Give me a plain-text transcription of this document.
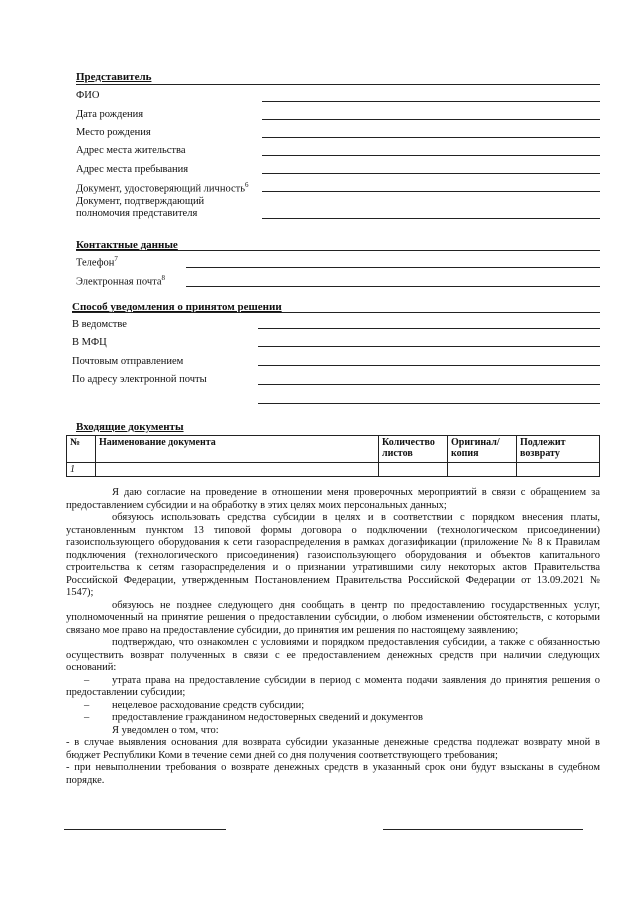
Представитель
ФИО
Дата рождения
Место рождения
Адрес места жительства
Адрес места пребывания
Документ, удостоверяющий личность$^6$
Документ, подтверждающий
полномочия представителя
Контактные данные
Телефон$^7$
Электронная почта$^8$
Способ уведомления о принятом решении
В ведомстве
В МФЦ
Почтовым отправлением
По адресу электронной почты
Входящие документы
№	Наименование документа	Количество листов	Оригинал/ копия	Подлежит возврату
1				

Я даю согласие на проведение в отношении меня проверочных мероприятий в связи с обращением за предоставлением субсидии и на обработку в этих целях моих персональных данных;

обязуюсь использовать средства субсидии в целях и в соответствии с порядком внесения платы, установленным пунктом 13 типовой формы договора о подключении (технологическом присоединении) газоиспользующего оборудования к сети газораспределения в рамках догазификации (приложение № 8 к Правилам подключения (технологического присоединения) газоиспользующего оборудования и объектов капитального строительства к сетям газораспределения и о признании утратившими силу некоторых актов Правительства Российской Федерации, утвержденным Постановлением Правительства Российской Федерации от 13.09.2021 № 1547);

обязуюсь не позднее следующего дня сообщать в центр по предоставлению государственных услуг, уполномоченный на принятие решения о предоставлении субсидии, о любом изменении обстоятельств, с которыми связано мое право на предоставление субсидии, до принятия им решения по настоящему заявлению;

подтверждаю, что ознакомлен с условиями и порядком предоставления субсидии, а также с обязанностью осуществить возврат полученных в связи с ее предоставлением денежных средств при наличии следующих оснований:

– утрата права на предоставление субсидии в период с момента подачи заявления до принятия решения о предоставлении субсидии;

– нецелевое расходование средств субсидии;

– предоставление гражданином недостоверных сведений и документов

Я уведомлен о том, что:

- в случае выявления основания для возврата субсидии указанные денежные средства подлежат возврату мной в бюджет Республики Коми в течение семи дней со дня получения соответствующего требования;

- при невыполнении требования о возврате денежных средств в указанный срок они будут взысканы в судебном порядке.
